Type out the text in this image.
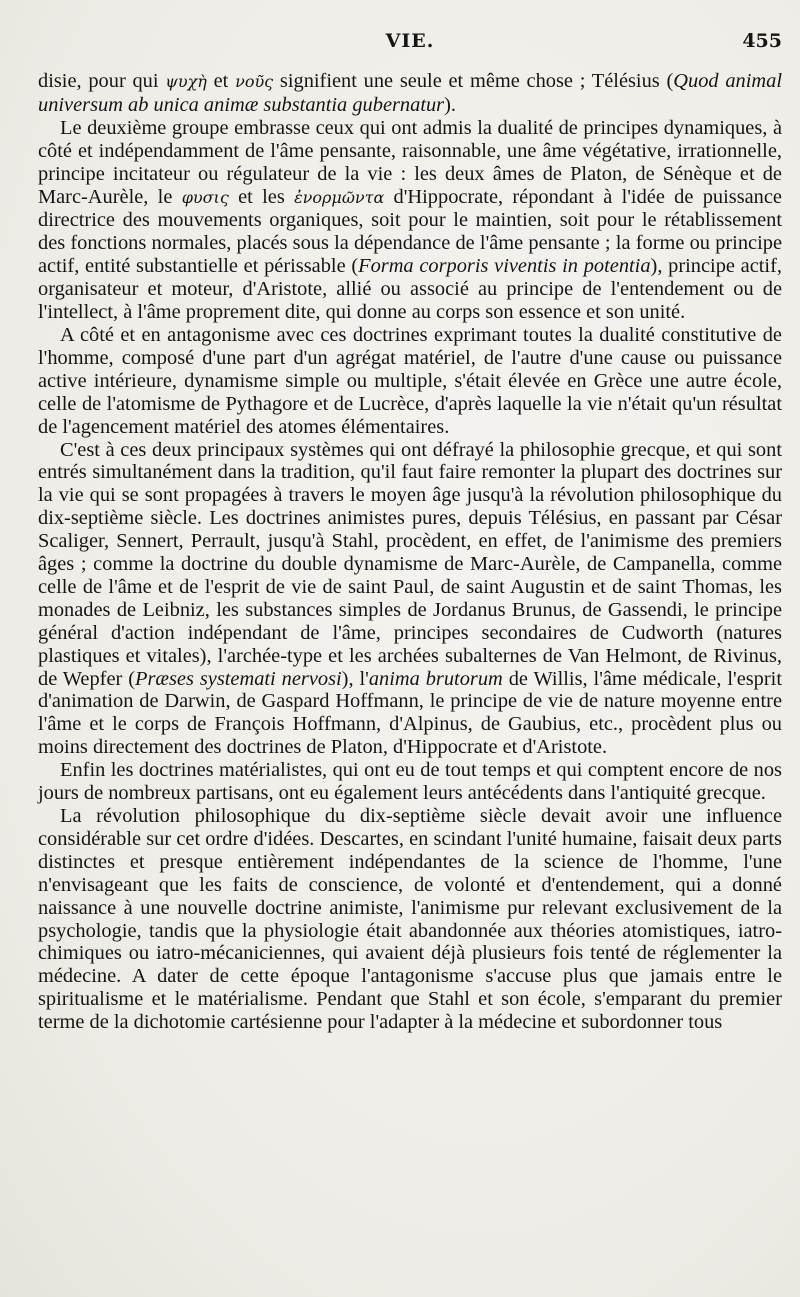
VIE.	455

disie, pour qui ψυχὴ et νοῦς signifient une seule et même chose ; Télésius (Quod animal universum ab unica animæ substantia gubernatur).

Le deuxième groupe embrasse ceux qui ont admis la dualité de principes dynamiques, à côté et indépendamment de l'âme pensante, raisonnable, une âme végétative, irrationnelle, principe incitateur ou régulateur de la vie : les deux âmes de Platon, de Sénèque et de Marc-Aurèle, le φυσις et les ἐνορμῶντα d'Hippocrate, répondant à l'idée de puissance directrice des mouvements organiques, soit pour le maintien, soit pour le rétablissement des fonctions normales, placés sous la dépendance de l'âme pensante ; la forme ou principe actif, entité substantielle et périssable (Forma corporis viventis in potentia), principe actif, organisateur et moteur, d'Aristote, allié ou associé au principe de l'entendement ou de l'intellect, à l'âme proprement dite, qui donne au corps son essence et son unité.

A côté et en antagonisme avec ces doctrines exprimant toutes la dualité constitutive de l'homme, composé d'une part d'un agrégat matériel, de l'autre d'une cause ou puissance active intérieure, dynamisme simple ou multiple, s'était élevée en Grèce une autre école, celle de l'atomisme de Pythagore et de Lucrèce, d'après laquelle la vie n'était qu'un résultat de l'agencement matériel des atomes élémentaires.

C'est à ces deux principaux systèmes qui ont défrayé la philosophie grecque, et qui sont entrés simultanément dans la tradition, qu'il faut faire remonter la plupart des doctrines sur la vie qui se sont propagées à travers le moyen âge jusqu'à la révolution philosophique du dix-septième siècle. Les doctrines animistes pures, depuis Télésius, en passant par César Scaliger, Sennert, Perrault, jusqu'à Stahl, procèdent, en effet, de l'animisme des premiers âges ; comme la doctrine du double dynamisme de Marc-Aurèle, de Campanella, comme celle de l'âme et de l'esprit de vie de saint Paul, de saint Augustin et de saint Thomas, les monades de Leibniz, les substances simples de Jordanus Brunus, de Gassendi, le principe général d'action indépendant de l'âme, principes secondaires de Cudworth (natures plastiques et vitales), l'archée-type et les archées subalternes de Van Helmont, de Rivinus, de Wepfer (Præses systemati nervosi), l'anima brutorum de Willis, l'âme médicale, l'esprit d'animation de Darwin, de Gaspard Hoffmann, le principe de vie de nature moyenne entre l'âme et le corps de François Hoffmann, d'Alpinus, de Gaubius, etc., procèdent plus ou moins directement des doctrines de Platon, d'Hippocrate et d'Aristote.

Enfin les doctrines matérialistes, qui ont eu de tout temps et qui comptent encore de nos jours de nombreux partisans, ont eu également leurs antécédents dans l'antiquité grecque.

La révolution philosophique du dix-septième siècle devait avoir une influence considérable sur cet ordre d'idées. Descartes, en scindant l'unité humaine, faisait deux parts distinctes et presque entièrement indépendantes de la science de l'homme, l'une n'envisageant que les faits de conscience, de volonté et d'entendement, qui a donné naissance à une nouvelle doctrine animiste, l'animisme pur relevant exclusivement de la psychologie, tandis que la physiologie était abandonnée aux théories atomistiques, iatro-chimiques ou iatro-mécaniciennes, qui avaient déjà plusieurs fois tenté de réglementer la médecine. A dater de cette époque l'antagonisme s'accuse plus que jamais entre le spiritualisme et le matérialisme. Pendant que Stahl et son école, s'emparant du premier terme de la dichotomie cartésienne pour l'adapter à la médecine et subordonner tous
